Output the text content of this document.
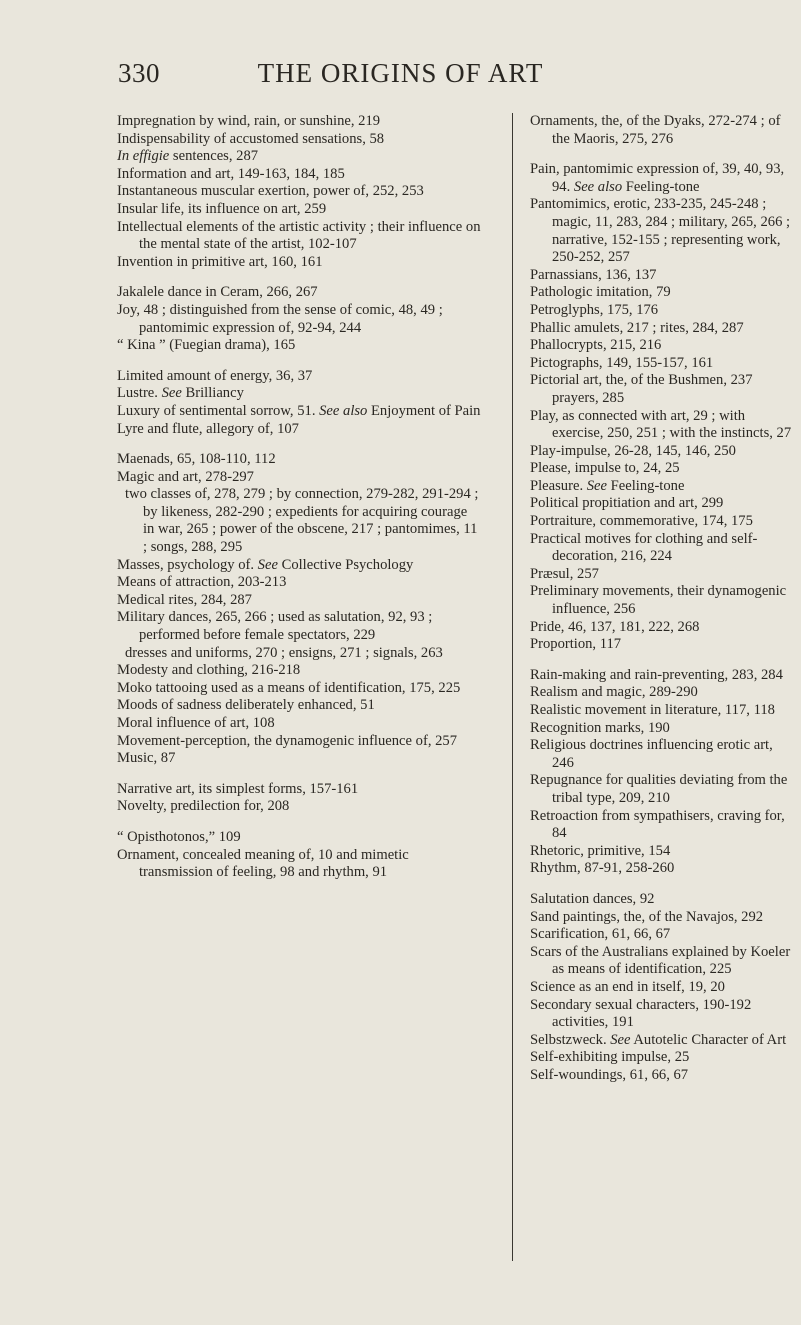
330	THE ORIGINS OF ART
Impregnation by wind, rain, or sunshine, 219
Indispensability of accustomed sensations, 58
In effigie sentences, 287
Information and art, 149-163, 184, 185
Instantaneous muscular exertion, power of, 252, 253
Insular life, its influence on art, 259
Intellectual elements of the artistic activity ; their influence on the mental state of the artist, 102-107
Invention in primitive art, 160, 161
Jakalele dance in Ceram, 266, 267
Joy, 48 ; distinguished from the sense of comic, 48, 49 ; pantomimic expression of, 92-94, 244
“ Kina ” (Fuegian drama), 165
Limited amount of energy, 36, 37
Lustre. See Brilliancy
Luxury of sentimental sorrow, 51. See also Enjoyment of Pain
Lyre and flute, allegory of, 107
Maenads, 65, 108-110, 112
Magic and art, 278-297
two classes of, 278, 279 ; by connection, 279-282, 291-294 ; by likeness, 282-290 ; expedients for acquiring courage in war, 265 ; power of the obscene, 217 ; pantomimes, 11 ; songs, 288, 295
Masses, psychology of. See Collective Psychology
Means of attraction, 203-213
Medical rites, 284, 287
Military dances, 265, 266 ; used as salutation, 92, 93 ; performed before female spectators, 229
dresses and uniforms, 270 ; ensigns, 271 ; signals, 263
Modesty and clothing, 216-218
Moko tattooing used as a means of identification, 175, 225
Moods of sadness deliberately enhanced, 51
Moral influence of art, 108
Movement-perception, the dynamogenic influence of, 257
Music, 87
Narrative art, its simplest forms, 157-161
Novelty, predilection for, 208
“ Opisthotonos,” 109
Ornament, concealed meaning of, 10 and mimetic transmission of feeling, 98 and rhythm, 91
Ornaments, the, of the Dyaks, 272-274 ; of the Maoris, 275, 276
Pain, pantomimic expression of, 39, 40, 93, 94. See also Feeling-tone
Pantomimics, erotic, 233-235, 245-248 ; magic, 11, 283, 284 ; military, 265, 266 ; narrative, 152-155 ; representing work, 250-252, 257
Parnassians, 136, 137
Pathologic imitation, 79
Petroglyphs, 175, 176
Phallic amulets, 217 ; rites, 284, 287
Phallocrypts, 215, 216
Pictographs, 149, 155-157, 161
Pictorial art, the, of the Bushmen, 237 prayers, 285
Play, as connected with art, 29 ; with exercise, 250, 251 ; with the instincts, 27
Play-impulse, 26-28, 145, 146, 250
Please, impulse to, 24, 25
Pleasure. See Feeling-tone
Political propitiation and art, 299
Portraiture, commemorative, 174, 175
Practical motives for clothing and self-decoration, 216, 224
Præsul, 257
Preliminary movements, their dynamogenic influence, 256
Pride, 46, 137, 181, 222, 268
Proportion, 117
Rain-making and rain-preventing, 283, 284
Realism and magic, 289-290
Realistic movement in literature, 117, 118
Recognition marks, 190
Religious doctrines influencing erotic art, 246
Repugnance for qualities deviating from the tribal type, 209, 210
Retroaction from sympathisers, craving for, 84
Rhetoric, primitive, 154
Rhythm, 87-91, 258-260
Salutation dances, 92
Sand paintings, the, of the Navajos, 292
Scarification, 61, 66, 67
Scars of the Australians explained by Koeler as means of identification, 225
Science as an end in itself, 19, 20
Secondary sexual characters, 190-192 activities, 191
Selbstzweck. See Autotelic Character of Art
Self-exhibiting impulse, 25
Self-woundings, 61, 66, 67
